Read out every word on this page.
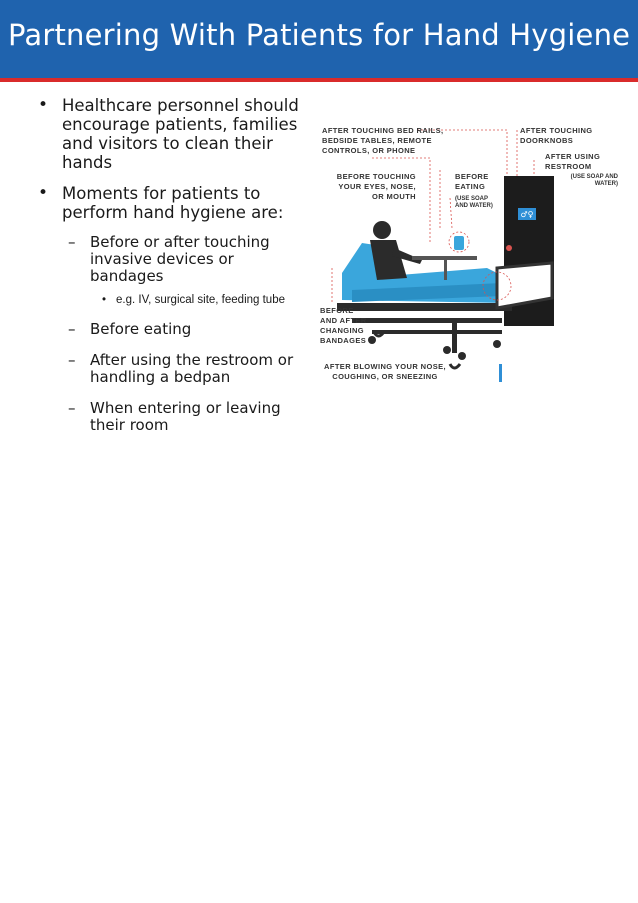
Partnering With Patients for Hand Hygiene
• Healthcare personnel should encourage patients, families and visitors to clean their hands
• Moments for patients to perform hand hygiene are:
– Before or after touching invasive devices or bandages
• e.g. IV, surgical site, feeding tube
– Before eating
– After using the restroom or handling a bedpan
– When entering or leaving their room
♂♀
AFTER TOUCHING BED RAILS, BEDSIDE TABLES, REMOTE CONTROLS, OR PHONE
AFTER TOUCHING DOORKNOBS
AFTER USING RESTROOM
(USE SOAP AND WATER)
BEFORE TOUCHING YOUR EYES, NOSE, OR MOUTH
BEFORE EATING
(USE SOAP AND WATER)
BEFORE AND AFTER CHANGING BANDAGES
AFTER BLOWING YOUR NOSE, COUGHING, OR SNEEZING
